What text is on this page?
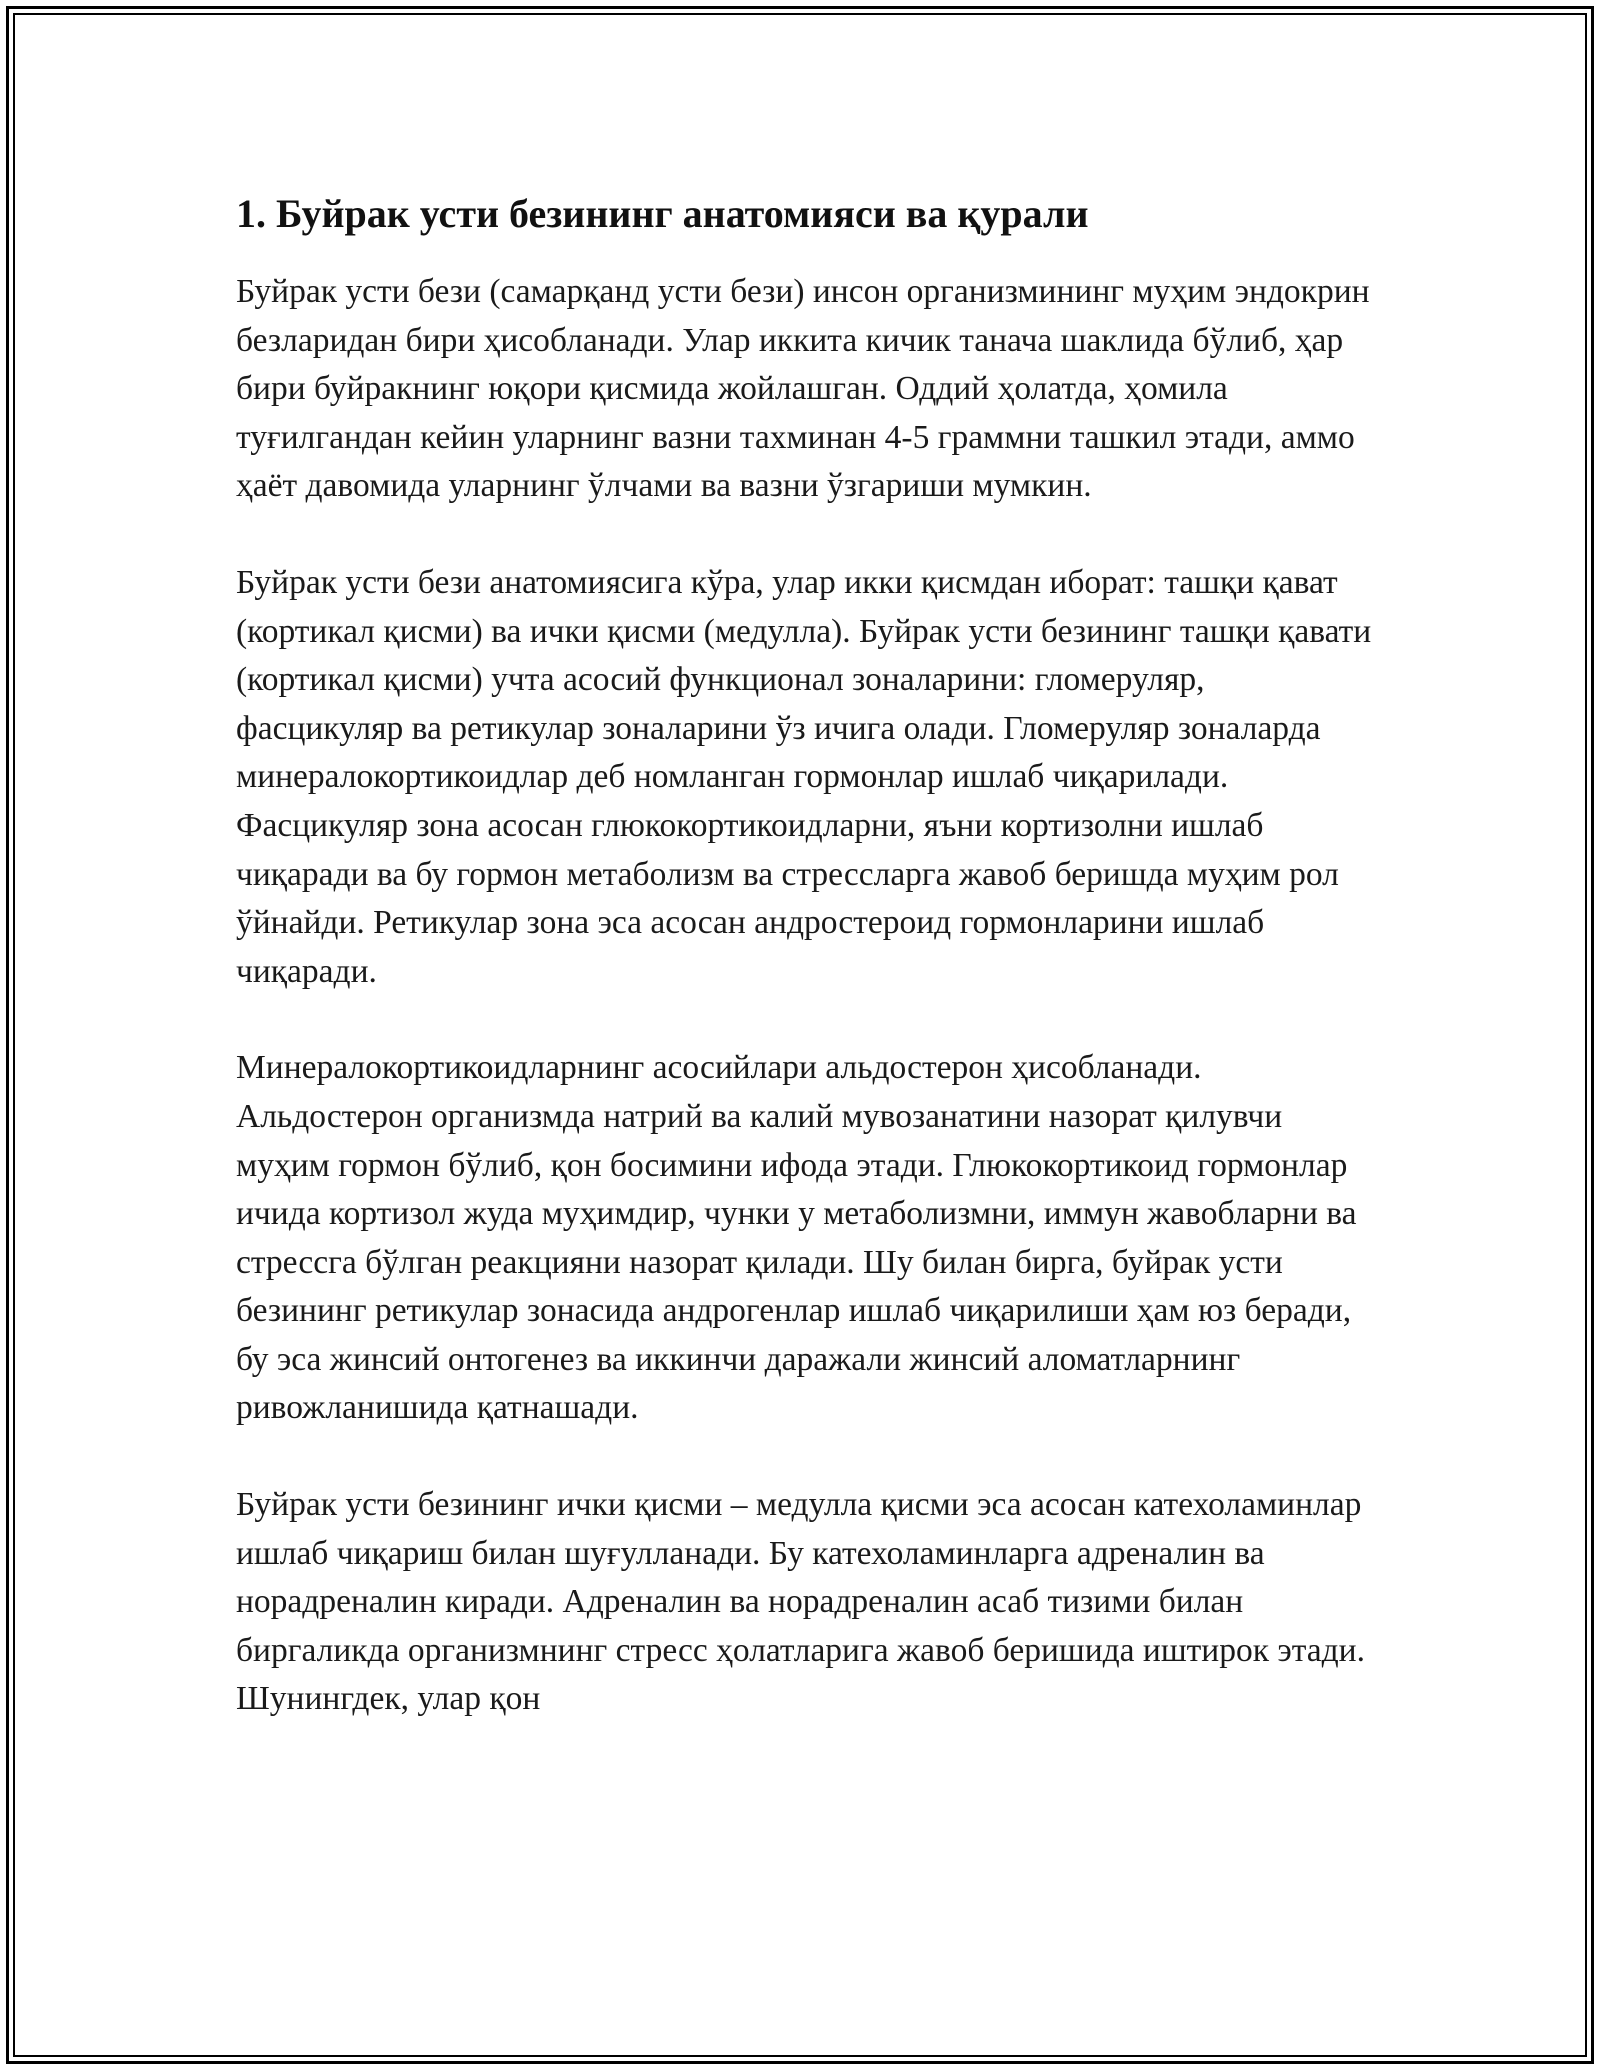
1. Буйрак усти безининг анатомияси ва қурали

Буйрак усти бези (самарқанд усти бези) инсон организмининг муҳим эндокрин безларидан бири ҳисобланади. Улар иккита кичик танача шаклида бўлиб, ҳар бири буйракнинг юқори қисмида жойлашган. Оддий ҳолатда, ҳомила туғилгандан кейин уларнинг вазни тахминан 4-5 граммни ташкил этади, аммо ҳаёт давомида уларнинг ўлчами ва вазни ўзгариши мумкин.

Буйрак усти бези анатомиясига кўра, улар икки қисмдан иборат: ташқи қават (кортикал қисми) ва ички қисми (медулла). Буйрак усти безининг ташқи қавати (кортикал қисми) учта асосий функционал зоналарини: гломеруляр, фасцикуляр ва ретикулар зоналарини ўз ичига олади. Гломеруляр зоналарда минералокортикоидлар деб номланган гормонлар ишлаб чиқарилади. Фасцикуляр зона асосан глюкокортикоидларни, яъни кортизолни ишлаб чиқаради ва бу гормон метаболизм ва стрессларга жавоб беришда муҳим рол ўйнайди. Ретикулар зона эса асосан андростероид гормонларини ишлаб чиқаради.

Минералокортикоидларнинг асосийлари альдостерон ҳисобланади. Альдостерон организмда натрий ва калий мувозанатини назорат қилувчи муҳим гормон бўлиб, қон босимини ифода этади. Глюкокортикоид гормонлар ичида кортизол жуда муҳимдир, чунки у метаболизмни, иммун жавобларни ва стрессга бўлган реакцияни назорат қилади. Шу билан бирга, буйрак усти безининг ретикулар зонасида андрогенлар ишлаб чиқарилиши ҳам юз беради, бу эса жинсий онтогенез ва иккинчи даражали жинсий аломатларнинг ривожланишида қатнашади.

Буйрак усти безининг ички қисми – медулла қисми эса асосан катехоламинлар ишлаб чиқариш билан шуғулланади. Бу катехоламинларга адреналин ва норадреналин киради. Адреналин ва норадреналин асаб тизими билан биргаликда организмнинг стресс ҳолатларига жавоб беришида иштирок этади. Шунингдек, улар қон
